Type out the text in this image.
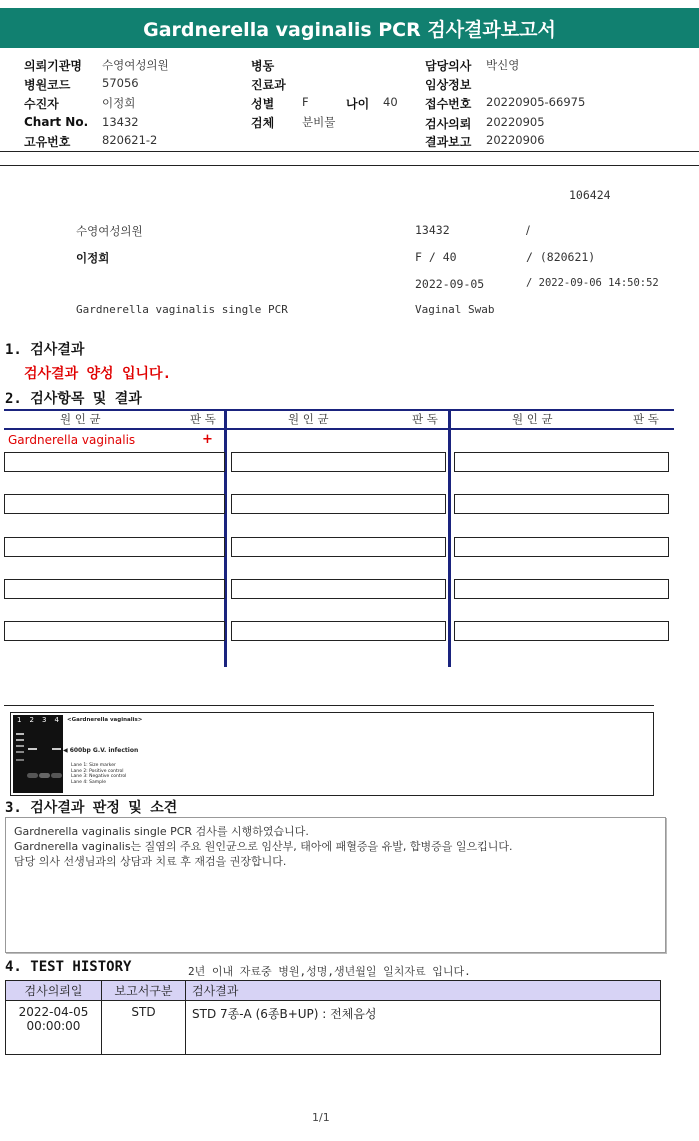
Gardnerella vaginalis PCR 검사결과보고서
의뢰기관명 수영여성의원
병원코드	57056
수진자	이정희
Chart No. 13432
고유번호	820621-2
병동
진료과
성별 F	나이 40
검체 분비물
담당의사 박신영
임상정보
접수번호 20220905-66975
검사의뢰 20220905
결과보고 20220906
106424
수영여성의원	13432	/
이정희	F / 40	/ (820621)
2022-09-05	/ 2022-09-06 14:50:52
Gardnerella vaginalis single PCR	Vaginal Swab
1. 검사결과
검사결과 양성 입니다.
2. 검사항목 및 결과
원 인 균	판 독	원 인 균	판 독	원 인 균	판 독
Gardnerella vaginalis	+
1 2 3 4 <Gardnerella vaginalis>
◀ 600bp G.V. infection
Lane 1: Size marker
Lane 2: Positive control
Lane 3: Negative control
Lane 4: Sample
3. 검사결과 판정 및 소견
Gardnerella vaginalis single PCR 검사를 시행하였습니다.
Gardnerella vaginalis는 질염의 주요 원인균으로 임산부, 태아에 패혈증을 유발, 합병증을 일으킵니다.
담당 의사 선생님과의 상담과 치료 후 재검을 권장합니다.
4. TEST HISTORY	2년 이내 자료중 병원,성명,생년월일 일치자료 입니다.
검사의뢰일	보고서구분	검사결과

2022-04-05
00:00:00	STD	STD 7종-A (6종B+UP) : 전체음성
1/1
